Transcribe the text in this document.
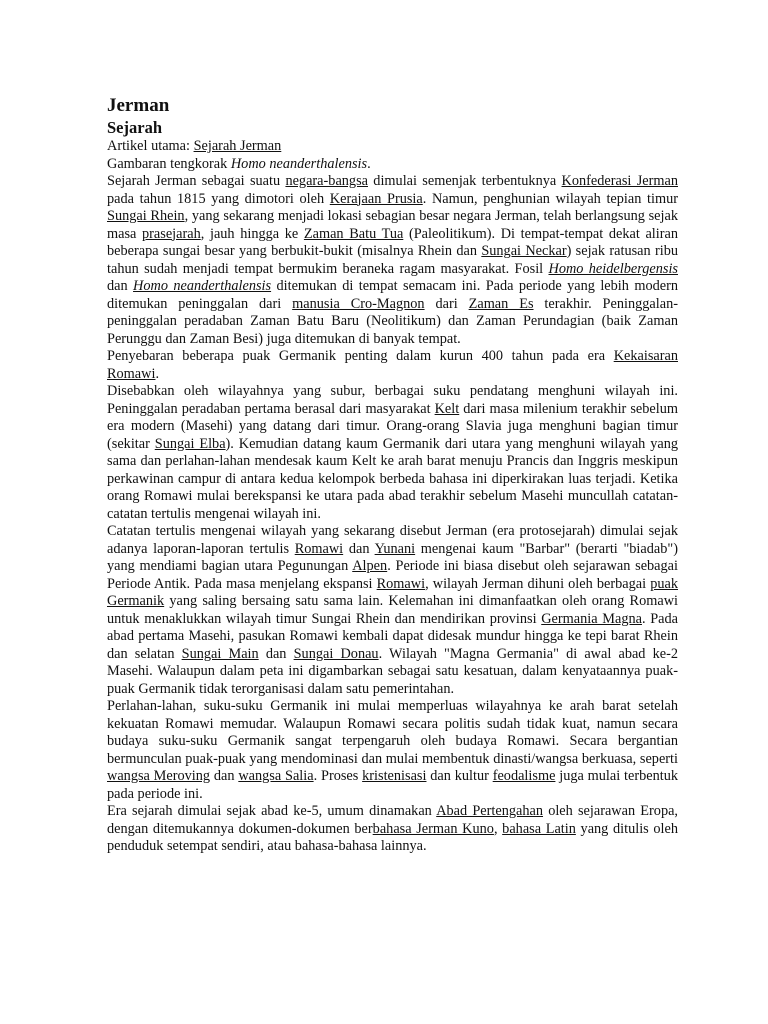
Jerman
Sejarah

Artikel utama: Sejarah Jerman

Gambaran tengkorak Homo neanderthalensis.

Sejarah Jerman sebagai suatu negara-bangsa dimulai semenjak terbentuknya Konfederasi Jerman pada tahun 1815 yang dimotori oleh Kerajaan Prusia. Namun, penghunian wilayah tepian timur Sungai Rhein, yang sekarang menjadi lokasi sebagian besar negara Jerman, telah berlangsung sejak masa prasejarah, jauh hingga ke Zaman Batu Tua (Paleolitikum). Di tempat-tempat dekat aliran beberapa sungai besar yang berbukit-bukit (misalnya Rhein dan Sungai Neckar) sejak ratusan ribu tahun sudah menjadi tempat bermukim beraneka ragam masyarakat. Fosil Homo heidelbergensis dan Homo neanderthalensis ditemukan di tempat semacam ini. Pada periode yang lebih modern ditemukan peninggalan dari manusia Cro-Magnon dari Zaman Es terakhir. Peninggalan-peninggalan peradaban Zaman Batu Baru (Neolitikum) dan Zaman Perundagian (baik Zaman Perunggu dan Zaman Besi) juga ditemukan di banyak tempat.

Penyebaran beberapa puak Germanik penting dalam kurun 400 tahun pada era Kekaisaran Romawi.

Disebabkan oleh wilayahnya yang subur, berbagai suku pendatang menghuni wilayah ini. Peninggalan peradaban pertama berasal dari masyarakat Kelt dari masa milenium terakhir sebelum era modern (Masehi) yang datang dari timur. Orang-orang Slavia juga menghuni bagian timur (sekitar Sungai Elba). Kemudian datang kaum Germanik dari utara yang menghuni wilayah yang sama dan perlahan-lahan mendesak kaum Kelt ke arah barat menuju Prancis dan Inggris meskipun perkawinan campur di antara kedua kelompok berbeda bahasa ini diperkirakan luas terjadi. Ketika orang Romawi mulai berekspansi ke utara pada abad terakhir sebelum Masehi muncullah catatan-catatan tertulis mengenai wilayah ini.

Catatan tertulis mengenai wilayah yang sekarang disebut Jerman (era protosejarah) dimulai sejak adanya laporan-laporan tertulis Romawi dan Yunani mengenai kaum "Barbar" (berarti "biadab") yang mendiami bagian utara Pegunungan Alpen. Periode ini biasa disebut oleh sejarawan sebagai Periode Antik. Pada masa menjelang ekspansi Romawi, wilayah Jerman dihuni oleh berbagai puak Germanik yang saling bersaing satu sama lain. Kelemahan ini dimanfaatkan oleh orang Romawi untuk menaklukkan wilayah timur Sungai Rhein dan mendirikan provinsi Germania Magna. Pada abad pertama Masehi, pasukan Romawi kembali dapat didesak mundur hingga ke tepi barat Rhein dan selatan Sungai Main dan Sungai Donau. Wilayah "Magna Germania" di awal abad ke-2 Masehi. Walaupun dalam peta ini digambarkan sebagai satu kesatuan, dalam kenyataannya puak-puak Germanik tidak terorganisasi dalam satu pemerintahan.

Perlahan-lahan, suku-suku Germanik ini mulai memperluas wilayahnya ke arah barat setelah kekuatan Romawi memudar. Walaupun Romawi secara politis sudah tidak kuat, namun secara budaya suku-suku Germanik sangat terpengaruh oleh budaya Romawi. Secara bergantian bermunculan puak-puak yang mendominasi dan mulai membentuk dinasti/wangsa berkuasa, seperti wangsa Meroving dan wangsa Salia. Proses kristenisasi dan kultur feodalisme juga mulai terbentuk pada periode ini.

Era sejarah dimulai sejak abad ke-5, umum dinamakan Abad Pertengahan oleh sejarawan Eropa, dengan ditemukannya dokumen-dokumen berbahasa Jerman Kuno, bahasa Latin yang ditulis oleh penduduk setempat sendiri, atau bahasa-bahasa lainnya.
